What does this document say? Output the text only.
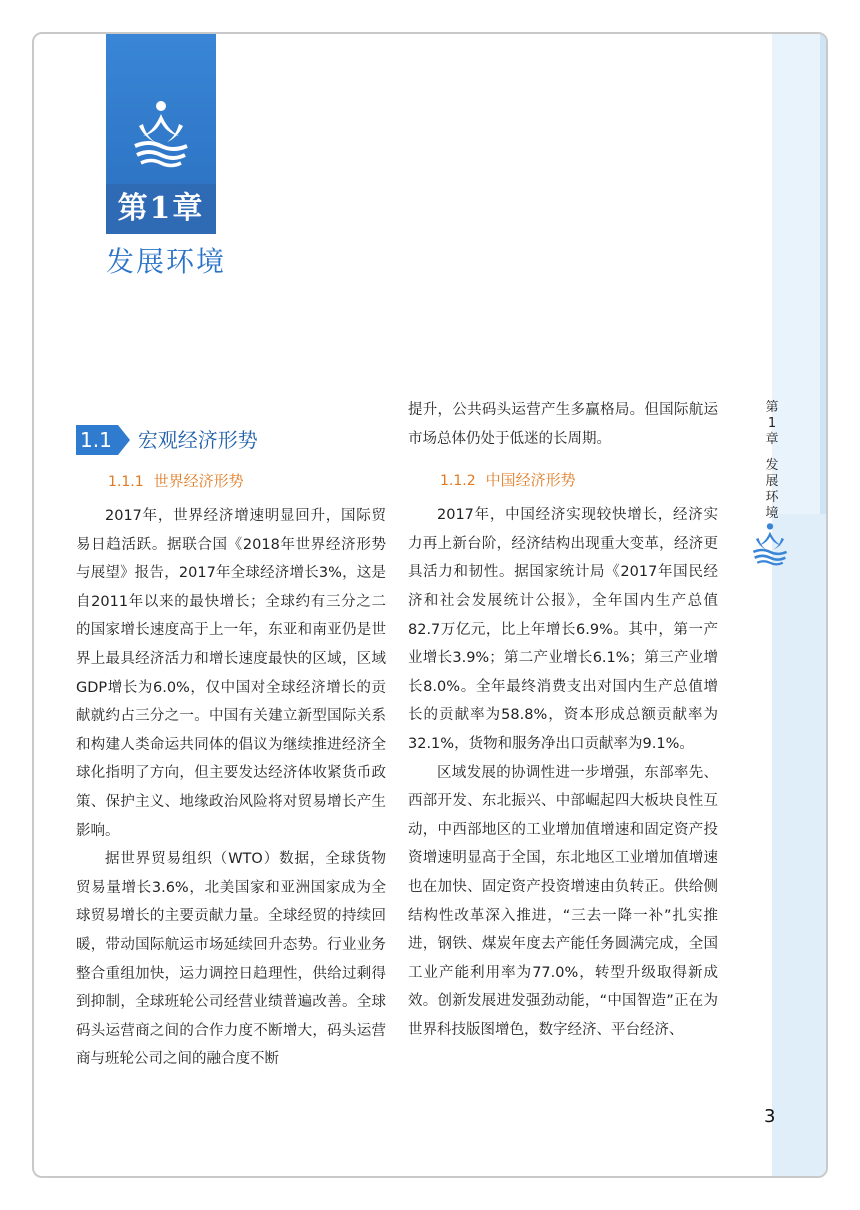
第1章
发展环境
1.1	宏观经济形势
1.1.1 世界经济形势

2017年，世界经济增速明显回升，国际贸易日趋活跃。据联合国《2018年世界经济形势与展望》报告，2017年全球经济增长3%，这是自2011年以来的最快增长；全球约有三分之二的国家增长速度高于上一年，东亚和南亚仍是世界上最具经济活力和增长速度最快的区域，区域GDP增长为6.0%，仅中国对全球经济增长的贡献就约占三分之一。中国有关建立新型国际关系和构建人类命运共同体的倡议为继续推进经济全球化指明了方向，但主要发达经济体收紧货币政策、保护主义、地缘政治风险将对贸易增长产生影响。

据世界贸易组织（WTO）数据，全球货物贸易量增长3.6%，北美国家和亚洲国家成为全球贸易增长的主要贡献力量。全球经贸的持续回暖，带动国际航运市场延续回升态势。行业业务整合重组加快，运力调控日趋理性，供给过剩得到抑制，全球班轮公司经营业绩普遍改善。全球码头运营商之间的合作力度不断增大，码头运营商与班轮公司之间的融合度不断

提升，公共码头运营产生多赢格局。但国际航运市场总体仍处于低迷的长周期。

1.1.2 中国经济形势

2017年，中国经济实现较快增长，经济实力再上新台阶，经济结构出现重大变革，经济更具活力和韧性。据国家统计局《2017年国民经济和社会发展统计公报》，全年国内生产总值82.7万亿元，比上年增长6.9%。其中，第一产业增长3.9%；第二产业增长6.1%；第三产业增长8.0%。全年最终消费支出对国内生产总值增长的贡献率为58.8%，资本形成总额贡献率为32.1%，货物和服务净出口贡献率为9.1%。

区域发展的协调性进一步增强，东部率先、西部开发、东北振兴、中部崛起四大板块良性互动，中西部地区的工业增加值增速和固定资产投资增速明显高于全国，东北地区工业增加值增速也在加快、固定资产投资增速由负转正。供给侧结构性改革深入推进，“三去一降一补”扎实推进，钢铁、煤炭年度去产能任务圆满完成，全国工业产能利用率为77.0%，转型升级取得新成效。创新发展进发强劲动能，“中国智造”正在为世界科技版图增色，数字经济、平台经济、

第
1
章
发
展
环
境
3
